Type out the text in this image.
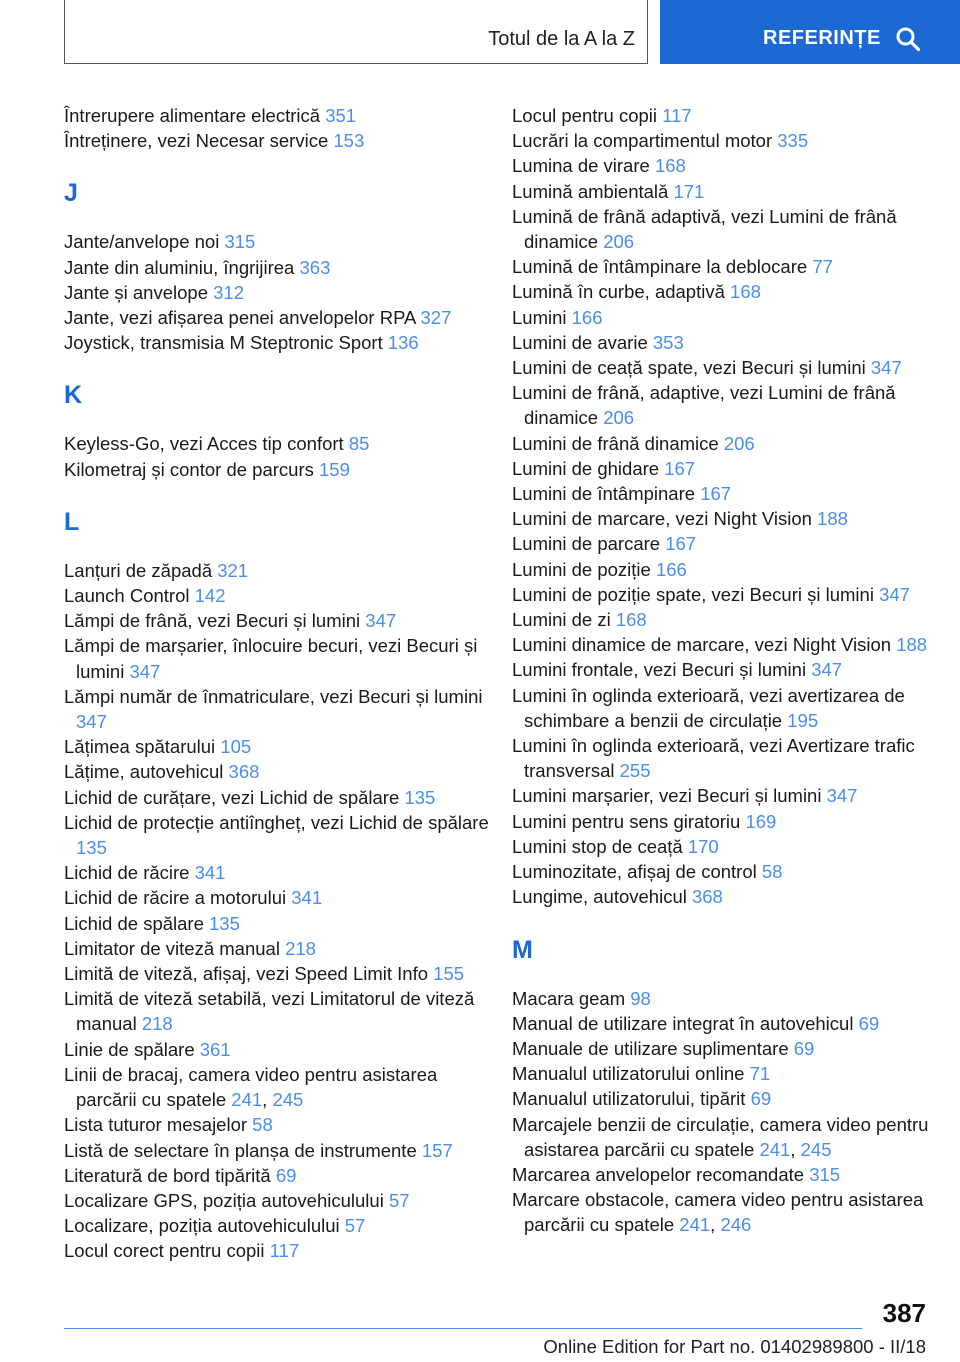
Totul de la A la Z	REFERINȚE
Întrerupere alimentare electrică 351
Întreținere, vezi Necesar service 153
J
Jante/anvelope noi 315
Jante din aluminiu, îngrijirea 363
Jante și anvelope 312
Jante, vezi afișarea penei anvelopelor RPA 327
Joystick, transmisia M Steptronic Sport 136
K
Keyless-Go, vezi Acces tip confort 85
Kilometraj și contor de parcurs 159
L
Lanțuri de zăpadă 321
Launch Control 142
Lămpi de frână, vezi Becuri și lumini 347
Lămpi de marșarier, înlocuire becuri, vezi Becuri și lumini 347
Lămpi număr de înmatriculare, vezi Becuri și lumini 347
Lățimea spătarului 105
Lățime, autovehicul 368
Lichid de curățare, vezi Lichid de spălare 135
Lichid de protecție antiîngheț, vezi Lichid de spălare 135
Lichid de răcire 341
Lichid de răcire a motorului 341
Lichid de spălare 135
Limitator de viteză manual 218
Limită de viteză, afișaj, vezi Speed Limit Info 155
Limită de viteză setabilă, vezi Limitatorul de viteză manual 218
Linie de spălare 361
Linii de bracaj, camera video pentru asistarea parcării cu spatele 241, 245
Lista tuturor mesajelor 58
Listă de selectare în planșa de instrumente 157
Literatură de bord tipărită 69
Localizare GPS, poziția autovehiculului 57
Localizare, poziția autovehiculului 57
Locul corect pentru copii 117
Locul pentru copii 117
Lucrări la compartimentul motor 335
Lumina de virare 168
Lumină ambientală 171
Lumină de frână adaptivă, vezi Lumini de frână dinamice 206
Lumină de întâmpinare la deblocare 77
Lumină în curbe, adaptivă 168
Lumini 166
Lumini de avarie 353
Lumini de ceață spate, vezi Becuri și lumini 347
Lumini de frână, adaptive, vezi Lumini de frână dinamice 206
Lumini de frână dinamice 206
Lumini de ghidare 167
Lumini de întâmpinare 167
Lumini de marcare, vezi Night Vision 188
Lumini de parcare 167
Lumini de poziție 166
Lumini de poziție spate, vezi Becuri și lumini 347
Lumini de zi 168
Lumini dinamice de marcare, vezi Night Vision 188
Lumini frontale, vezi Becuri și lumini 347
Lumini în oglinda exterioară, vezi avertizarea de schimbare a benzii de circulație 195
Lumini în oglinda exterioară, vezi Avertizare trafic transversal 255
Lumini marșarier, vezi Becuri și lumini 347
Lumini pentru sens giratoriu 169
Lumini stop de ceață 170
Luminozitate, afișaj de control 58
Lungime, autovehicul 368
M
Macara geam 98
Manual de utilizare integrat în autovehicul 69
Manuale de utilizare suplimentare 69
Manualul utilizatorului online 71
Manualul utilizatorului, tipărit 69
Marcajele benzii de circulație, camera video pentru asistarea parcării cu spatele 241, 245
Marcarea anvelopelor recomandate 315
Marcare obstacole, camera video pentru asistarea parcării cu spatele 241, 246
387
Online Edition for Part no. 01402989800 - II/18
